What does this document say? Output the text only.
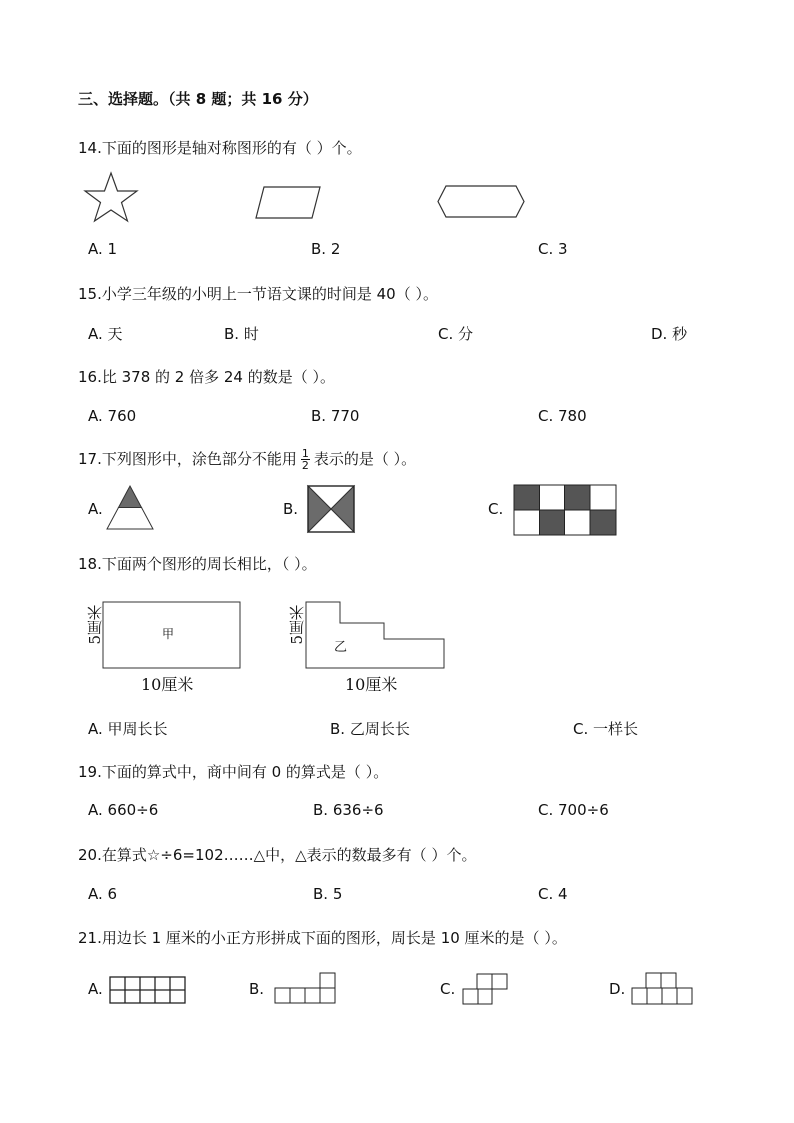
三、选择题。（共 8 题；共 16 分）
14.下面的图形是轴对称图形的有（ ）个。
A. 1	B. 2	C. 3
15.小学三年级的小明上一节语文课的时间是 40（ ）。
A. 天	B. 时	C. 分	D. 秒
16.比 378 的 2 倍多 24 的数是（ ）。
A. 760	B. 770	C. 780
17.下列图形中，涂色部分不能用 $\frac{1}{2}$ 表示的是（ ）。
A.	B.	C.
18.下面两个图形的周长相比，（ ）。
甲
5厘米
10厘米
乙
5厘米
10厘米
A. 甲周长长	B. 乙周长长	C. 一样长
19.下面的算式中，商中间有 0 的算式是（ ）。
A. 660÷6	B. 636÷6	C. 700÷6
20.在算式☆÷6=102……△中，△表示的数最多有（ ）个。
A. 6	B. 5	C. 4
21.用边长 1 厘米的小正方形拼成下面的图形，周长是 10 厘米的是（ ）。
A.	B.	C.	D.
